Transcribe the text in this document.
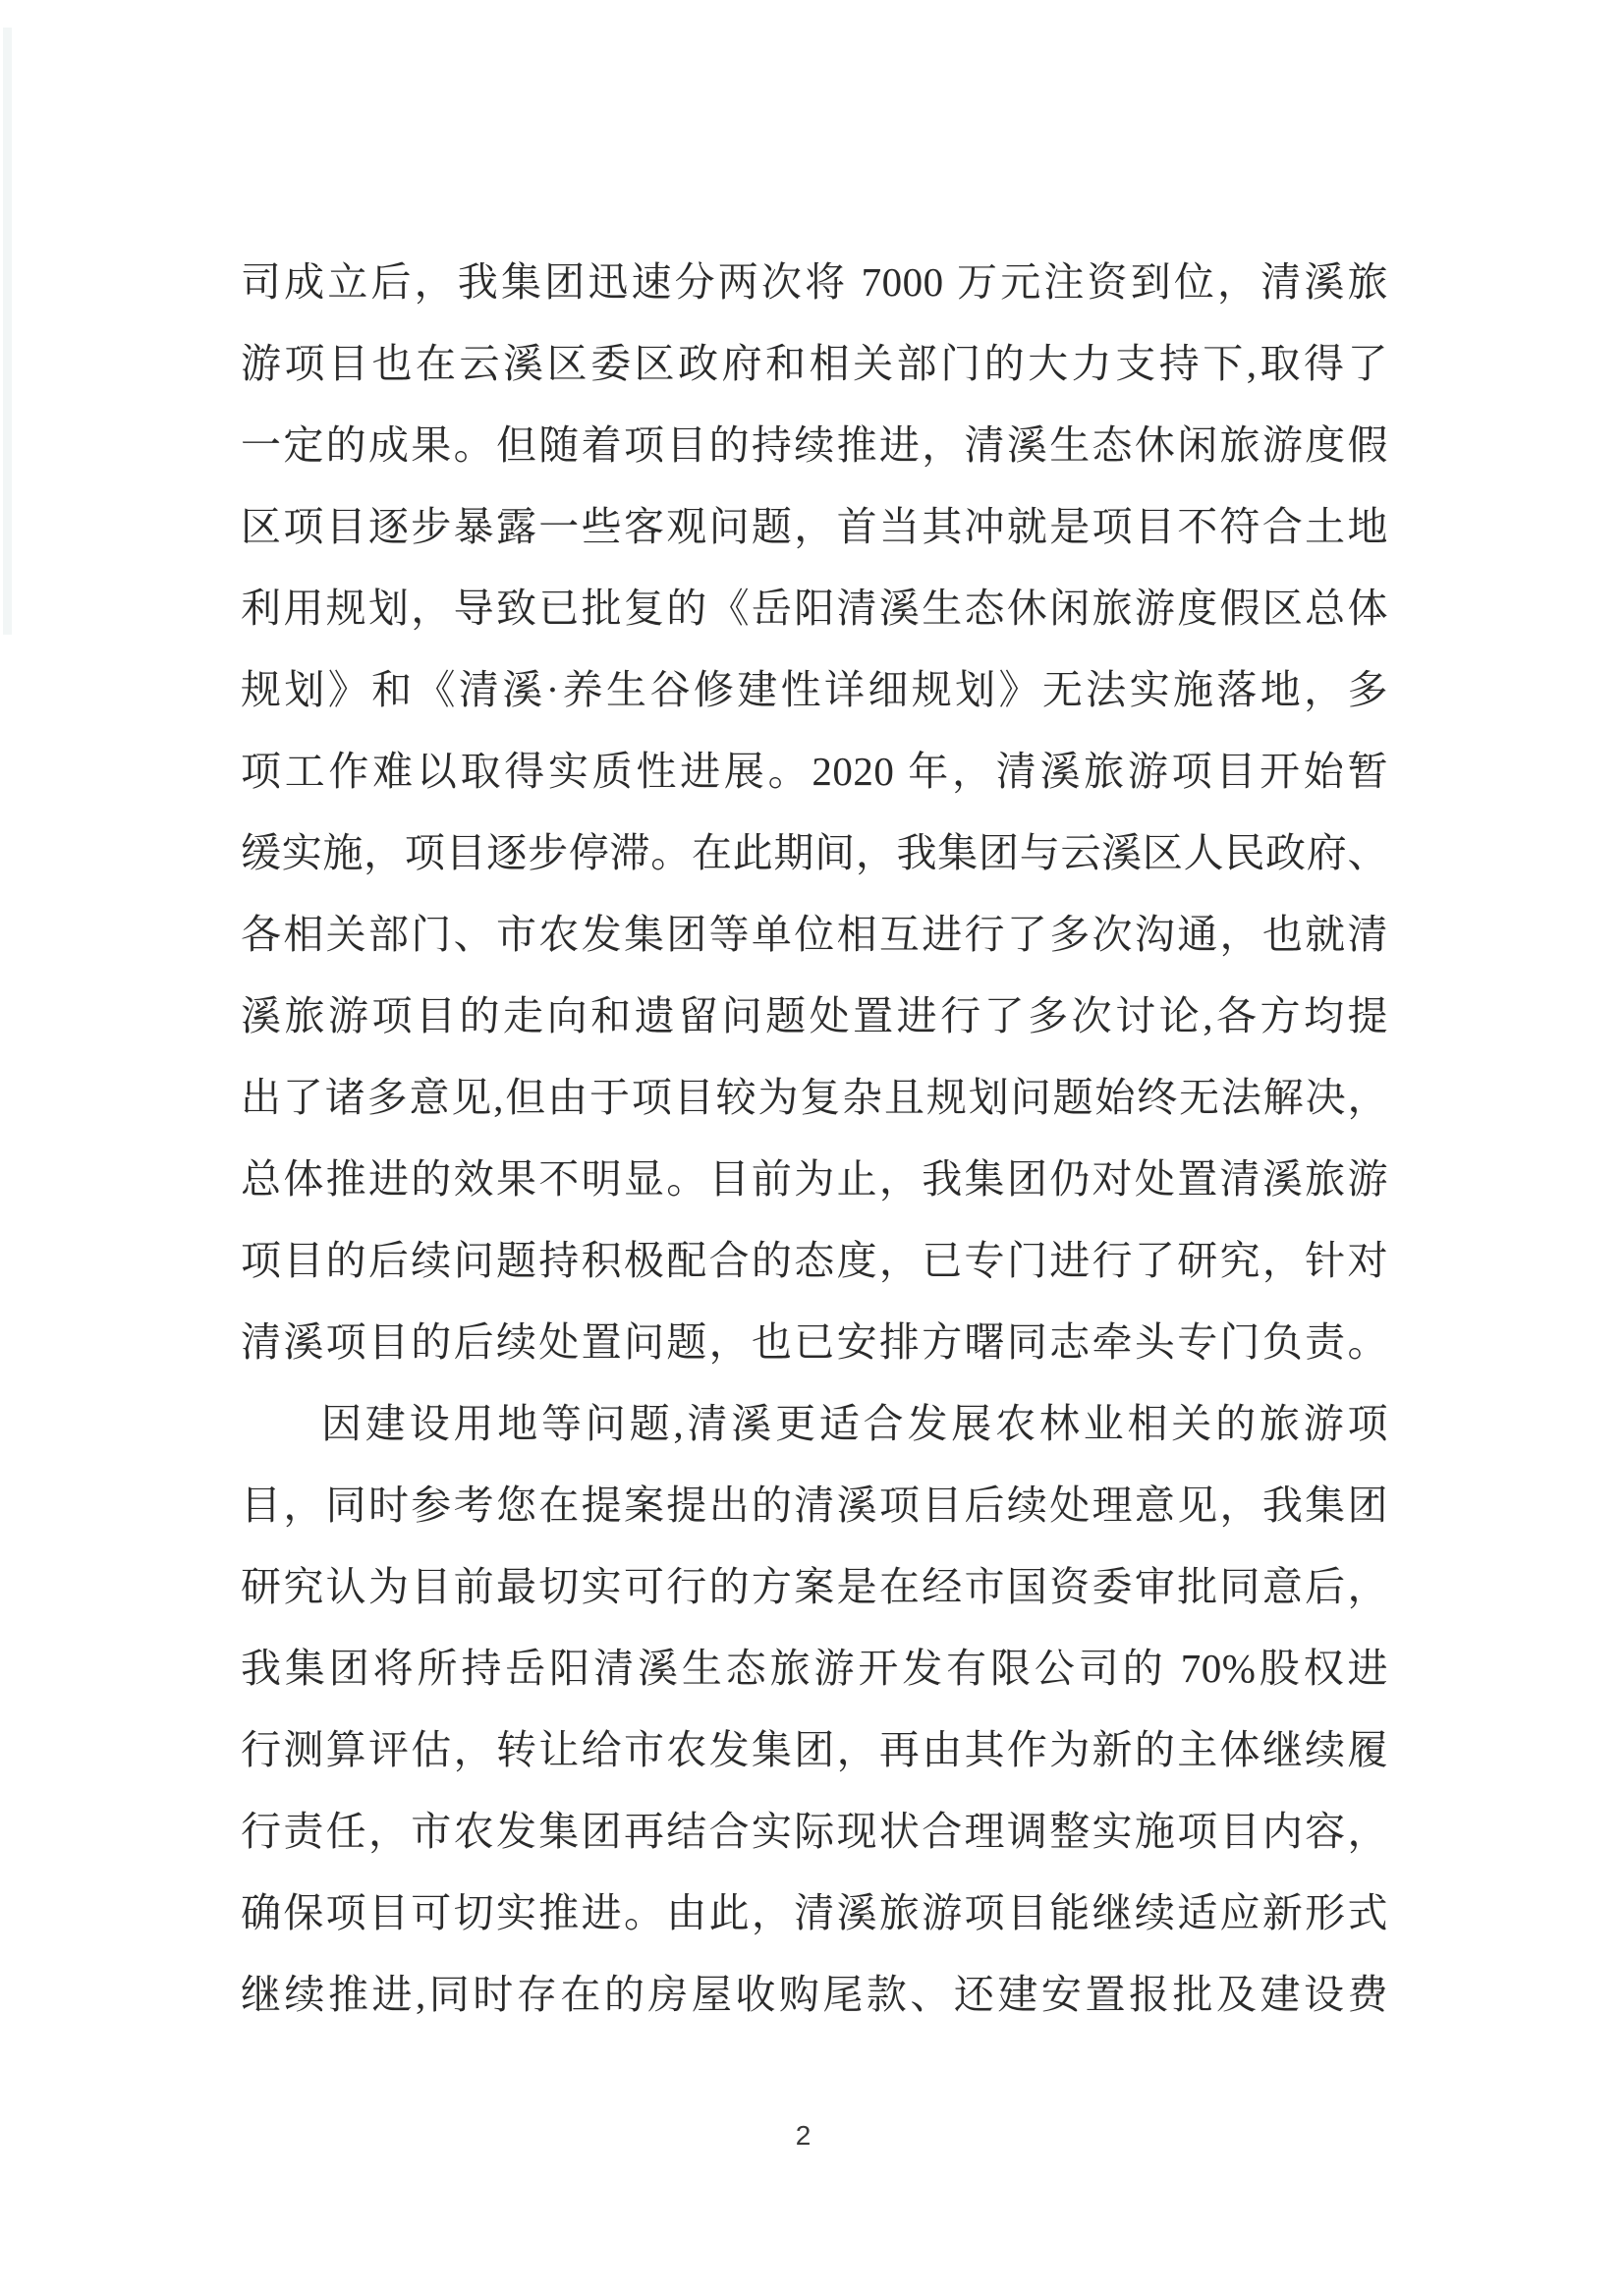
司成立后，我集团迅速分两次将 7000 万元注资到位，清溪旅
游项目也在云溪区委区政府和相关部门的大力支持下,取得了
一定的成果。但随着项目的持续推进，清溪生态休闲旅游度假
区项目逐步暴露一些客观问题，首当其冲就是项目不符合土地
利用规划，导致已批复的《岳阳清溪生态休闲旅游度假区总体
规划》和《清溪·养生谷修建性详细规划》无法实施落地，多
项工作难以取得实质性进展。2020 年，清溪旅游项目开始暂
缓实施，项目逐步停滞。在此期间，我集团与云溪区人民政府、
各相关部门、市农发集团等单位相互进行了多次沟通，也就清
溪旅游项目的走向和遗留问题处置进行了多次讨论,各方均提
出了诸多意见,但由于项目较为复杂且规划问题始终无法解决，
总体推进的效果不明显。目前为止，我集团仍对处置清溪旅游
项目的后续问题持积极配合的态度，已专门进行了研究，针对
清溪项目的后续处置问题，也已安排方曙同志牵头专门负责。
因建设用地等问题,清溪更适合发展农林业相关的旅游项
目，同时参考您在提案提出的清溪项目后续处理意见，我集团
研究认为目前最切实可行的方案是在经市国资委审批同意后，
我集团将所持岳阳清溪生态旅游开发有限公司的 70%股权进
行测算评估，转让给市农发集团，再由其作为新的主体继续履
行责任，市农发集团再结合实际现状合理调整实施项目内容，
确保项目可切实推进。由此，清溪旅游项目能继续适应新形式
继续推进,同时存在的房屋收购尾款、还建安置报批及建设费
2
